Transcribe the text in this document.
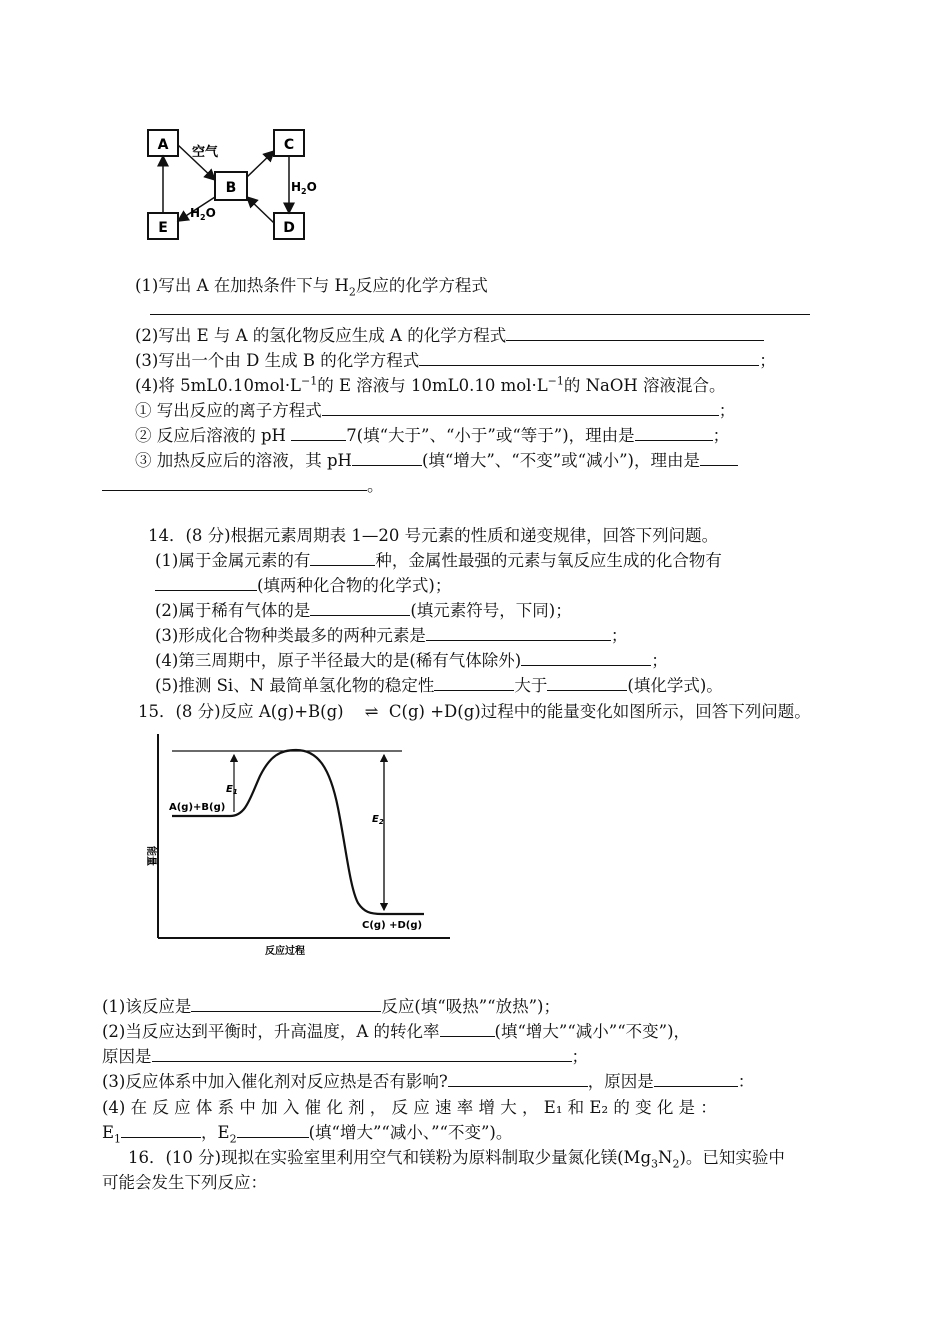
A	C
B
E	D
空气
$H_2O$
$H_2O$
(1)写出 A 在加热条件下与 $H_2$反应的化学方程式
(2)写出 E 与 A 的氢化物反应生成 A 的化学方程式
(3)写出一个由 D 生成 B 的化学方程式	；
(4)将 $5mL0.10mol\cdot L^{-1}$的 E 溶液与 10mL0.10 $mol\cdot L^{-1}$的 NaOH 溶液混合。
① 写出反应的离子方程式	；
② 反应后溶液的 pH	7(填“大于”、“小于”或“等于”)，理由是	；
③ 加热反应后的溶液，其 pH	(填“增大”、“不变”或“减小”)，理由是
。
14．(8 分)根据元素周期表 1—20 号元素的性质和递变规律，回答下列问题。
(1)属于金属元素的有	种，金属性最强的元素与氧反应生成的化合物有
(填两种化合物的化学式)；
(2)属于稀有气体的是	(填元素符号，下同)；
(3)形成化合物种类最多的两种元素是	；
(4)第三周期中，原子半径最大的是(稀有气体除外)	；
(5)推测 Si、N 最简单氢化物的稳定性	大于	(填化学式)。
15．(8 分)反应 A(g)+B(g) ⇌ C(g) +D(g)过程中的能量变化如图所示，回答下列问题。
$E_1$
$E_2$
A(g)+B(g)
C(g) +D(g)
能量
反应过程
(1)该反应是	反应(填“吸热”“放热”)；
(2)当反应达到平衡时，升高温度，A 的转化率	(填“增大”“减小”“不变”)，
原因是	；
(3)反应体系中加入催化剂对反应热是否有影响?	，原因是	：
(4) 在 反 应 体 系 中 加 入 催 化 剂 ， 反 应 速 率 增 大 ， E₁ 和 E₂ 的 变 化 是 ：
$E_1$	，$E_2$	(填“增大”“减小、”“不变”)。
16．(10 分)现拟在实验室里利用空气和镁粉为原料制取少量氮化镁$(Mg_3N_2)$。已知实验中
可能会发生下列反应：
